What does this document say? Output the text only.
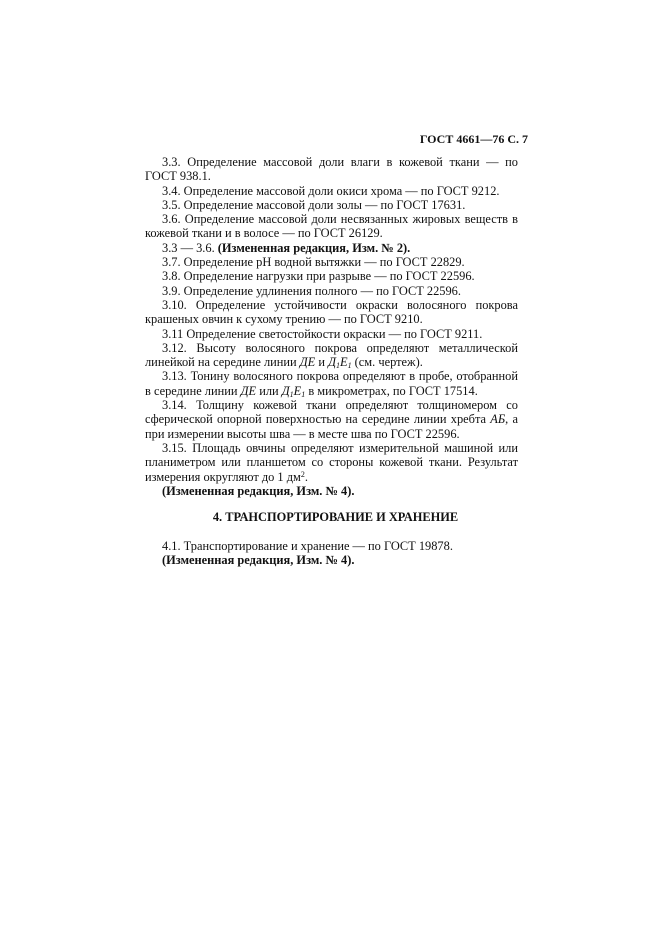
ГОСТ 4661—76 С. 7

3.3. Определение массовой доли влаги в кожевой ткани — по ГОСТ 938.1.

3.4. Определение массовой доли окиси хрома — по ГОСТ 9212.

3.5. Определение массовой доли золы — по ГОСТ 17631.

3.6. Определение массовой доли несвязанных жировых веществ в кожевой ткани и в волосе — по ГОСТ 26129.

3.3 — 3.6. (Измененная редакция, Изм. № 2).

3.7. Определение pH водной вытяжки — по ГОСТ 22829.

3.8. Определение нагрузки при разрыве — по ГОСТ 22596.

3.9. Определение удлинения полного — по ГОСТ 22596.

3.10. Определение устойчивости окраски волосяного покрова крашеных овчин к сухому трению — по ГОСТ 9210.

3.11 Определение светостойкости окраски — по ГОСТ 9211.

3.12. Высоту волосяного покрова определяют металлической линейкой на середине линии ДЕ и $Д_1Е_1$ (см. чертеж).

3.13. Тонину волосяного покрова определяют в пробе, отобранной в середине линии ДЕ или $Д_1Е_1$ в микрометрах, по ГОСТ 17514.

3.14. Толщину кожевой ткани определяют толщиномером со сферической опорной поверхностью на середине линии хребта АБ, а при измерении высоты шва — в месте шва по ГОСТ 22596.

3.15. Площадь овчины определяют измерительной машиной или планиметром или планшетом со стороны кожевой ткани. Результат измерения округляют до 1 $дм^2$.

(Измененная редакция, Изм. № 4).

4. ТРАНСПОРТИРОВАНИЕ И ХРАНЕНИЕ

4.1. Транспортирование и хранение — по ГОСТ 19878.

(Измененная редакция, Изм. № 4).
